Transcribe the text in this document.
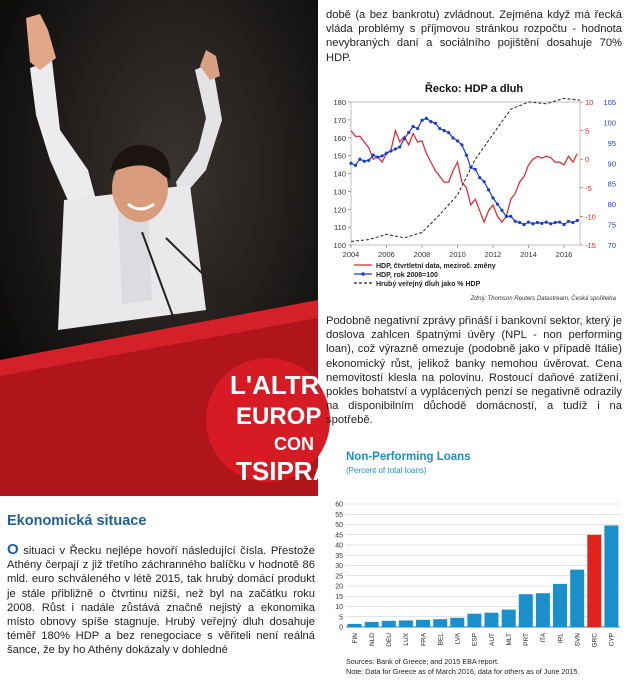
L'ALTR
EUROP
CON
TSIPRA

době (a bez bankrotu) zvládnout. Zejména když má řecká vláda problémy s příjmovou stránkou rozpočtu - hodnota nevybraných daní a sociálního pojištění dosahuje 70% HDP.

Řecko: HDP a dluh
100
110
120
130
140
150
160
170
180	10
5
0
-5
-10
-15
105
100
95
90
85
80
75
70
2004	2006	2008	2010	2012	2014	2016
HDP, čtvrtletní data, meziroč. změny
HDP, rok 2008=100
Hrubý veřejný dluh jako % HDP
Zdroj: Thomson Reuters Datastream, Česká spořitelna

Podobně negativní zprávy přináší i bankovní sektor, který je doslova zahlcen špatnými úvěry (NPL - non performing loan), což výrazně omezuje (podobně jako v případě Itálie) ekonomický růst, jelikož banky nemohou úvěrovat. Cena nemovitostí klesla na polovinu. Rostoucí daňové zatížení, pokles bohatství a vyplácených penzí se negativně odrazily na disponibilním důchodě domácností, a tudíž i na spotřebě.

Non-Performing Loans
(Percent of total loans)
0
5
10
15
20
25
30
35
40
45
50
55
60
FIN NLD DEU LUX FRA BEL LVA ESP AUT MLT PRT ITA IRL SVN GRC CYP
Sources: Bank of Greece; and 2015 EBA report.
Note: Data for Greece as of March 2016, data for others as of June 2015.
Ekonomická situace

O situaci v Řecku nejlépe hovoří následující čísla. Přestože Athény čerpají z již třetího záchranného balíčku v hodnotě 86 mld. euro schváleného v létě 2015, tak hrubý domácí produkt je stále přibližně o čtvrtinu nižší, než byl na začátku roku 2008. Růst i nadále zůstává značně nejistý a ekonomika místo obnovy spíše stagnuje. Hrubý veřejný dluh dosahuje téměř 180% HDP a bez renegociace s věřiteli není reálná šance, že by ho Athény dokázaly v dohledné
